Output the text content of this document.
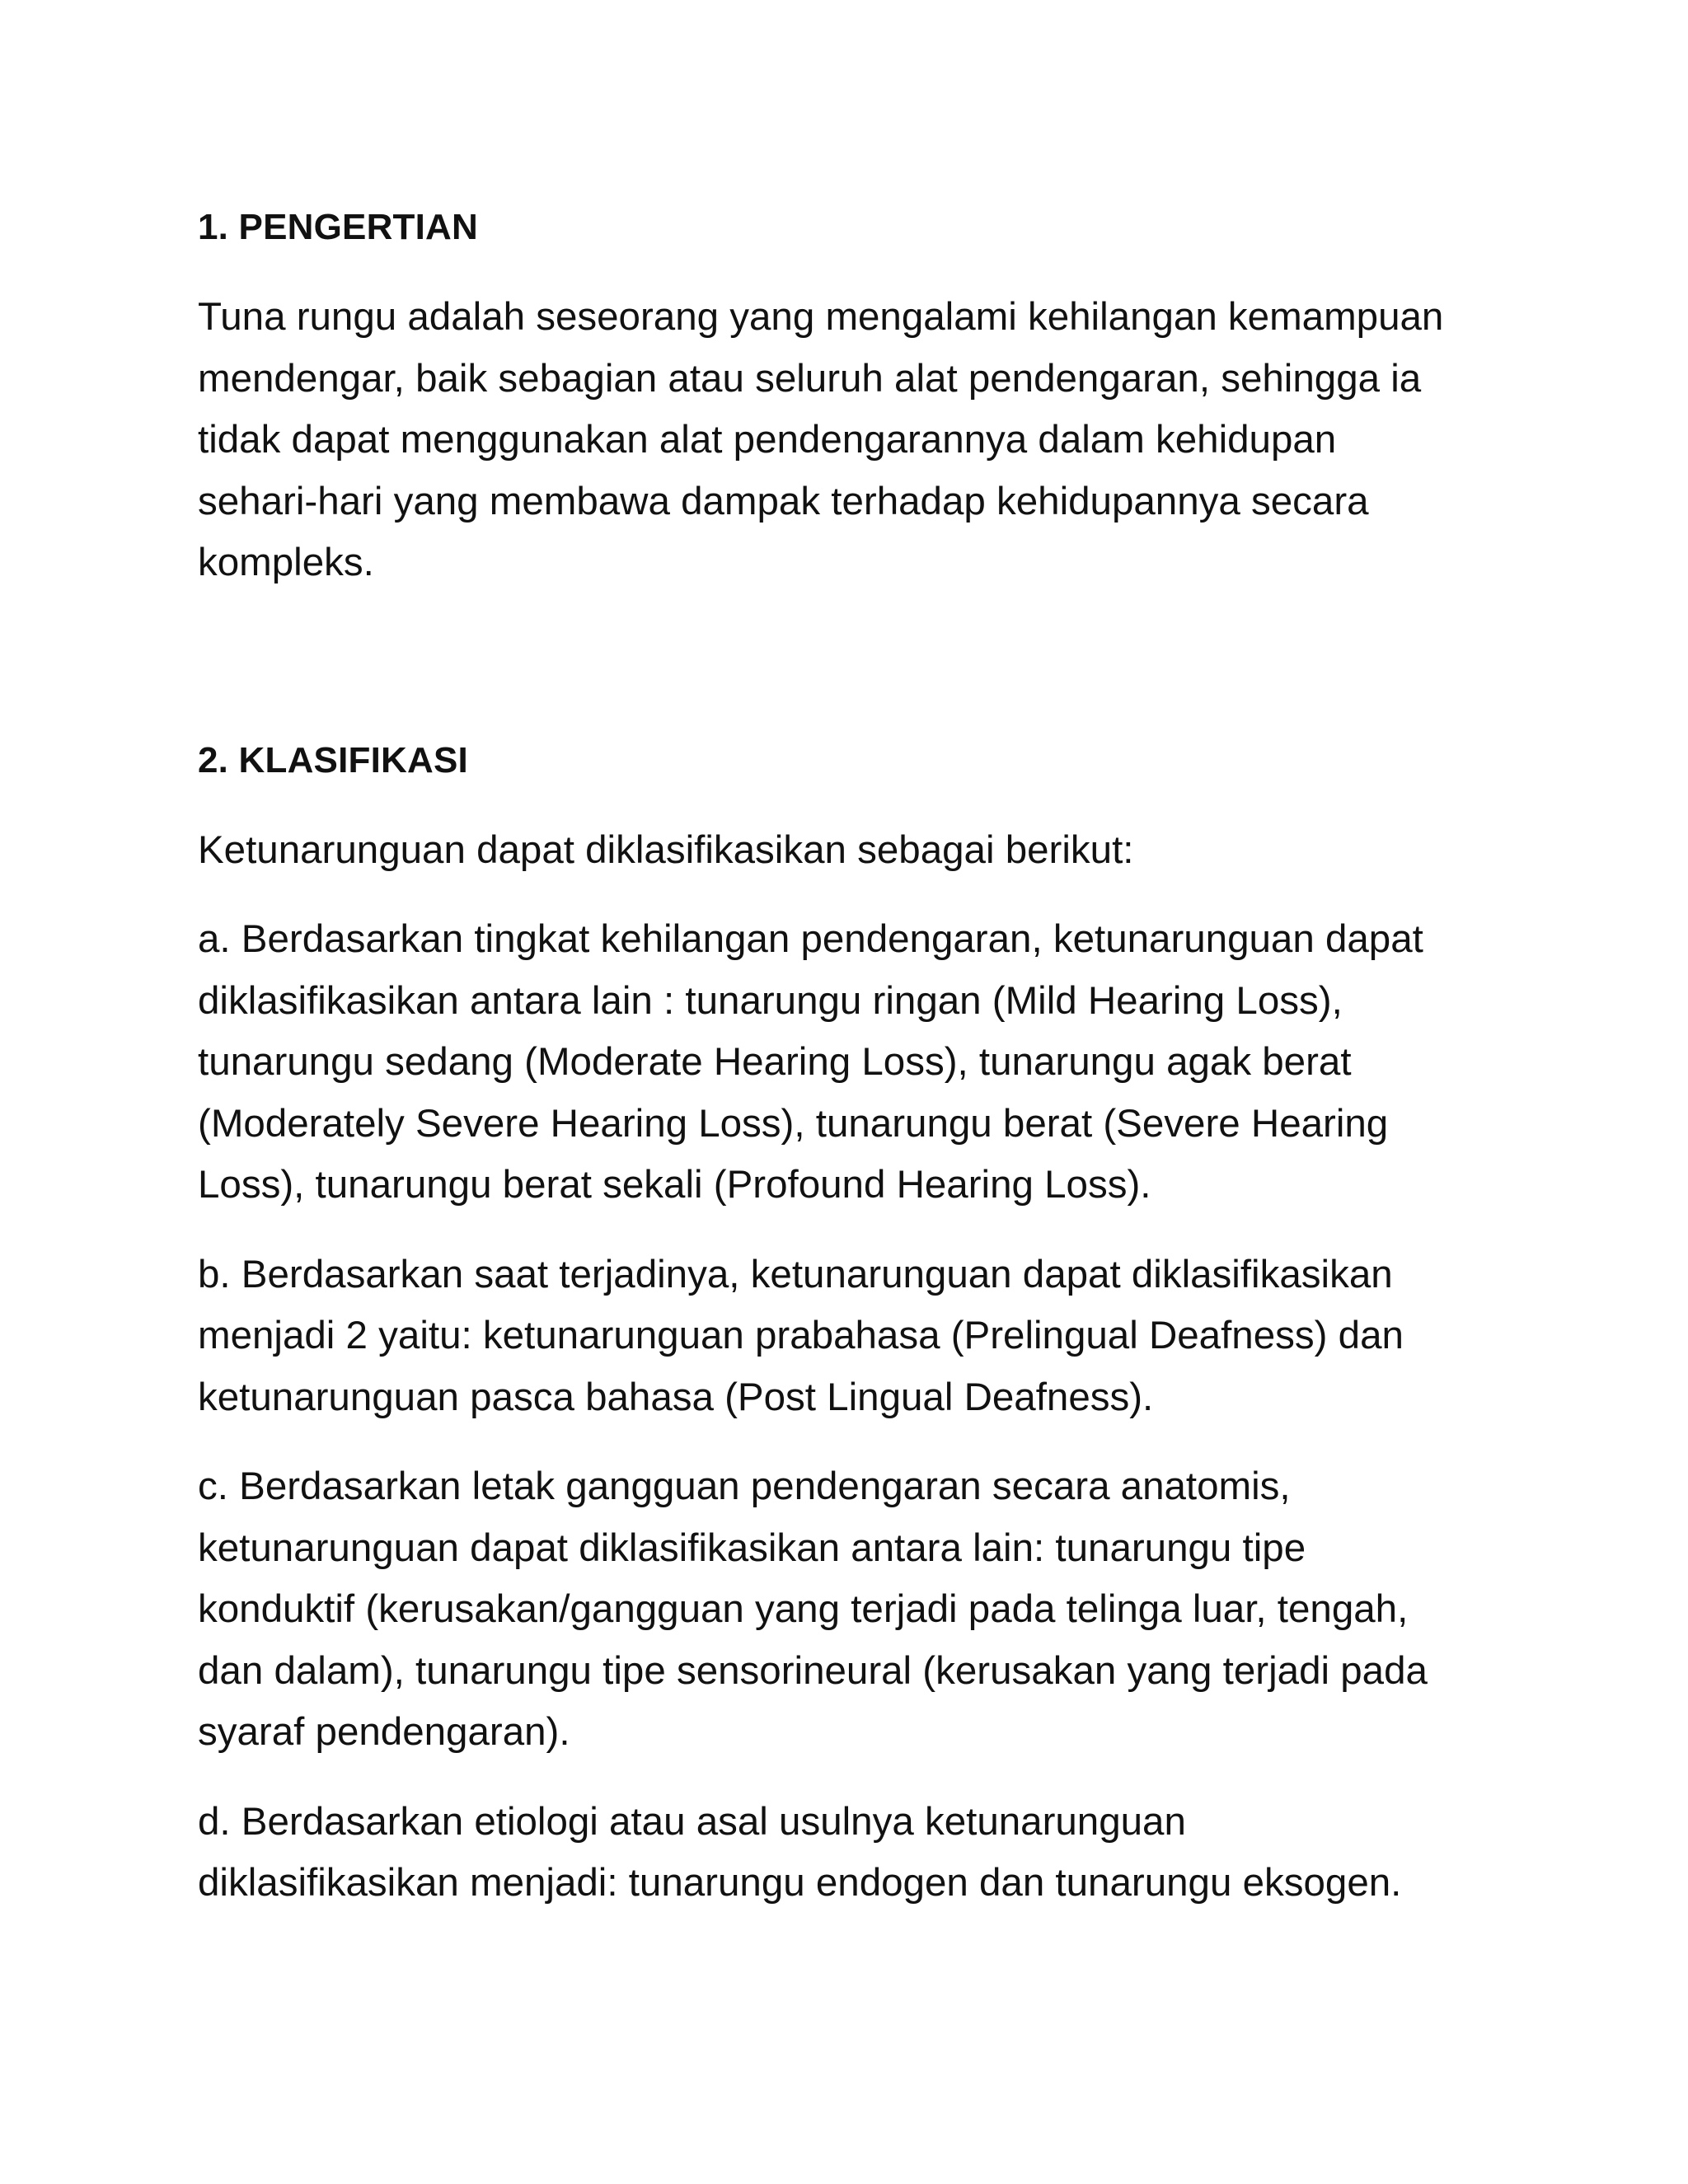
1. PENGERTIAN

Tuna rungu adalah seseorang yang mengalami kehilangan kemampuan
mendengar, baik sebagian atau seluruh alat pendengaran, sehingga ia
tidak dapat menggunakan alat pendengarannya dalam kehidupan
sehari-hari yang membawa dampak terhadap kehidupannya secara
kompleks.

2. KLASIFIKASI

Ketunarunguan dapat diklasifikasikan sebagai berikut:

a. Berdasarkan tingkat kehilangan pendengaran, ketunarunguan dapat
diklasifikasikan antara lain : tunarungu ringan (Mild Hearing Loss),
tunarungu sedang (Moderate Hearing Loss), tunarungu agak berat
(Moderately Severe Hearing Loss), tunarungu berat (Severe Hearing
Loss), tunarungu berat sekali (Profound Hearing Loss).

b. Berdasarkan saat terjadinya, ketunarunguan dapat diklasifikasikan
menjadi 2 yaitu: ketunarunguan prabahasa (Prelingual Deafness) dan
ketunarunguan pasca bahasa (Post Lingual Deafness).

c. Berdasarkan letak gangguan pendengaran secara anatomis,
ketunarunguan dapat diklasifikasikan antara lain: tunarungu tipe
konduktif (kerusakan/gangguan yang terjadi pada telinga luar, tengah,
dan dalam), tunarungu tipe sensorineural (kerusakan yang terjadi pada
syaraf pendengaran).

d. Berdasarkan etiologi atau asal usulnya ketunarunguan
diklasifikasikan menjadi: tunarungu endogen dan tunarungu eksogen.
